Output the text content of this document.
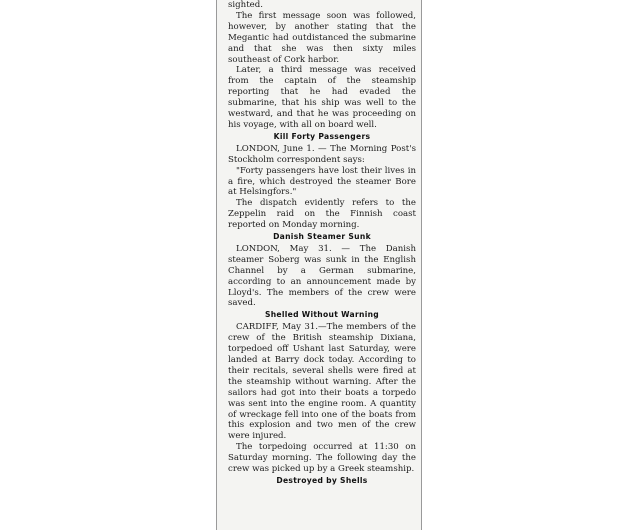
sighted.

The first message soon was followed, however, by another stating that the Megantic had outdistanced the submarine and that she was then sixty miles southeast of Cork harbor.

Later, a third message was received from the captain of the steamship reporting that he had evaded the submarine, that his ship was well to the westward, and that he was proceeding on his voyage, with all on board well.

Kill Forty Passengers

LONDON, June 1. — The Morning Post's Stockholm correspondent says:

"Forty passengers have lost their lives in a fire, which destroyed the steamer Bore at Helsingfors."

The dispatch evidently refers to the Zeppelin raid on the Finnish coast reported on Monday morning.

Danish Steamer Sunk

LONDON, May 31. — The Danish steamer Soberg was sunk in the English Channel by a German submarine, according to an announcement made by Lloyd's. The members of the crew were saved.

Shelled Without Warning

CARDIFF, May 31.—The members of the crew of the British steamship Dixiana, torpedoed off Ushant last Saturday, were landed at Barry dock today. According to their recitals, several shells were fired at the steamship without warning. After the sailors had got into their boats a torpedo was sent into the engine room. A quantity of wreckage fell into one of the boats from this explosion and two men of the crew were injured.

The torpedoing occurred at 11:30 on Saturday morning. The following day the crew was picked up by a Greek steamship.

Destroyed by Shells
